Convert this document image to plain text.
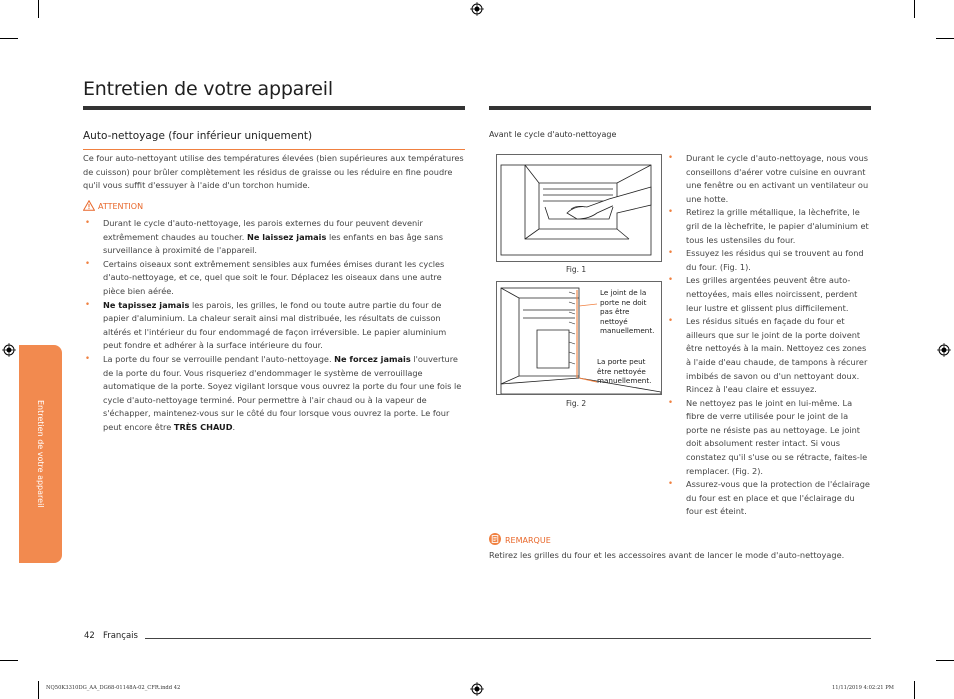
Entretien de votre appareil
Entretien de votre appareil
Auto-nettoyage (four inférieur uniquement)
Ce four auto-nettoyant utilise des températures élevées (bien supérieures aux températures de cuisson) pour brûler complètement les résidus de graisse ou les réduire en fine poudre qu'il vous suffit d'essuyer à l'aide d'un torchon humide.
ATTENTION
• Durant le cycle d'auto-nettoyage, les parois externes du four peuvent devenir extrêmement chaudes au toucher. Ne laissez jamais les enfants en bas âge sans surveillance à proximité de l'appareil.
• Certains oiseaux sont extrêmement sensibles aux fumées émises durant les cycles d'auto-nettoyage, et ce, quel que soit le four. Déplacez les oiseaux dans une autre pièce bien aérée.
• Ne tapissez jamais les parois, les grilles, le fond ou toute autre partie du four de papier d'aluminium. La chaleur serait ainsi mal distribuée, les résultats de cuisson altérés et l'intérieur du four endommagé de façon irréversible. Le papier aluminium peut fondre et adhérer à la surface intérieure du four.
• La porte du four se verrouille pendant l'auto-nettoyage. Ne forcez jamais l'ouverture de la porte du four. Vous risqueriez d'endommager le système de verrouillage automatique de la porte. Soyez vigilant lorsque vous ouvrez la porte du four une fois le cycle d'auto-nettoyage terminé. Pour permettre à l'air chaud ou à la vapeur de s'échapper, maintenez-vous sur le côté du four lorsque vous ouvrez la porte. Le four peut encore être TRÈS CHAUD.
Avant le cycle d'auto-nettoyage
Fig. 1
Le joint de la porte ne doit pas être nettoyé manuellement.
La porte peut être nettoyée manuellement.
Fig. 2
• Durant le cycle d'auto-nettoyage, nous vous conseillons d'aérer votre cuisine en ouvrant une fenêtre ou en activant un ventilateur ou une hotte.
• Retirez la grille métallique, la lèchefrite, le gril de la lèchefrite, le papier d'aluminium et tous les ustensiles du four.
• Essuyez les résidus qui se trouvent au fond du four. (Fig. 1).
• Les grilles argentées peuvent être auto-nettoyées, mais elles noircissent, perdent leur lustre et glissent plus difficilement.
• Les résidus situés en façade du four et ailleurs que sur le joint de la porte doivent être nettoyés à la main. Nettoyez ces zones à l'aide d'eau chaude, de tampons à récurer imbibés de savon ou d'un nettoyant doux. Rincez à l'eau claire et essuyez.
• Ne nettoyez pas le joint en lui-même. La fibre de verre utilisée pour le joint de la porte ne résiste pas au nettoyage. Le joint doit absolument rester intact. Si vous constatez qu'il s'use ou se rétracte, faites-le remplacer. (Fig. 2).
• Assurez-vous que la protection de l'éclairage du four est en place et que l'éclairage du four est éteint.
REMARQUE
Retirez les grilles du four et les accessoires avant de lancer le mode d'auto-nettoyage.
42 Français
NQ50K3310DG_AA_DG68-01148A-02_CFR.indd 42	11/11/2019 4:02:21 PM
